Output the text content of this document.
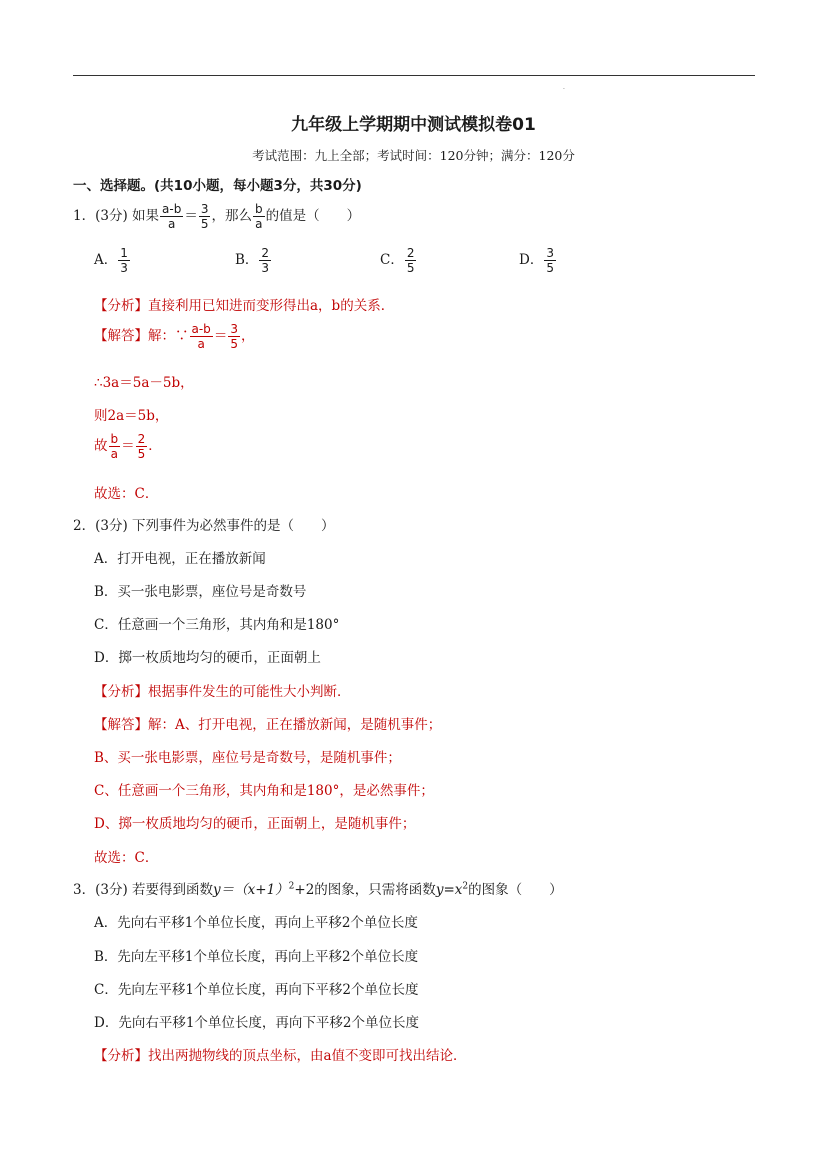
·
九年级上学期期中测试模拟卷01
考试范围：九上全部；考试时间：120分钟；满分：120分
一、选择题。(共10小题，每小题3分，共30分)
1．(3分) 如果 $\frac{a-b}{a} = \frac{3}{5}$ ，那么 $\frac{b}{a}$ 的值是（　　）
A． $\frac{1}{3}$	B． $\frac{2}{3}$	C． $\frac{2}{5}$	D． $\frac{3}{5}$
【分析】直接利用已知进而变形得出a，b的关系．
【解答】解：∵ $\frac{a-b}{a} = \frac{3}{5}$ ，
∴3a＝5a－5b，
则2a＝5b，
故 $\frac{b}{a} = \frac{2}{5}$ ．
故选：C．
2．(3分) 下列事件为必然事件的是（　　）
A．打开电视，正在播放新闻
B．买一张电影票，座位号是奇数号
C．任意画一个三角形，其内角和是180°
D．掷一枚质地均匀的硬币，正面朝上
【分析】根据事件发生的可能性大小判断．
【解答】解：A、打开电视，正在播放新闻，是随机事件；
B、买一张电影票，座位号是奇数号，是随机事件；
C、任意画一个三角形，其内角和是180°，是必然事件；
D、掷一枚质地均匀的硬币，正面朝上，是随机事件；
故选：C．
3．(3分) 若要得到函数$y=(x+1)^2+2$的图象，只需将函数$y=x^2$的图象（　　）
A．先向右平移1个单位长度，再向上平移2个单位长度
B．先向左平移1个单位长度，再向上平移2个单位长度
C．先向左平移1个单位长度，再向下平移2个单位长度
D．先向右平移1个单位长度，再向下平移2个单位长度
【分析】找出两抛物线的顶点坐标，由a值不变即可找出结论．
